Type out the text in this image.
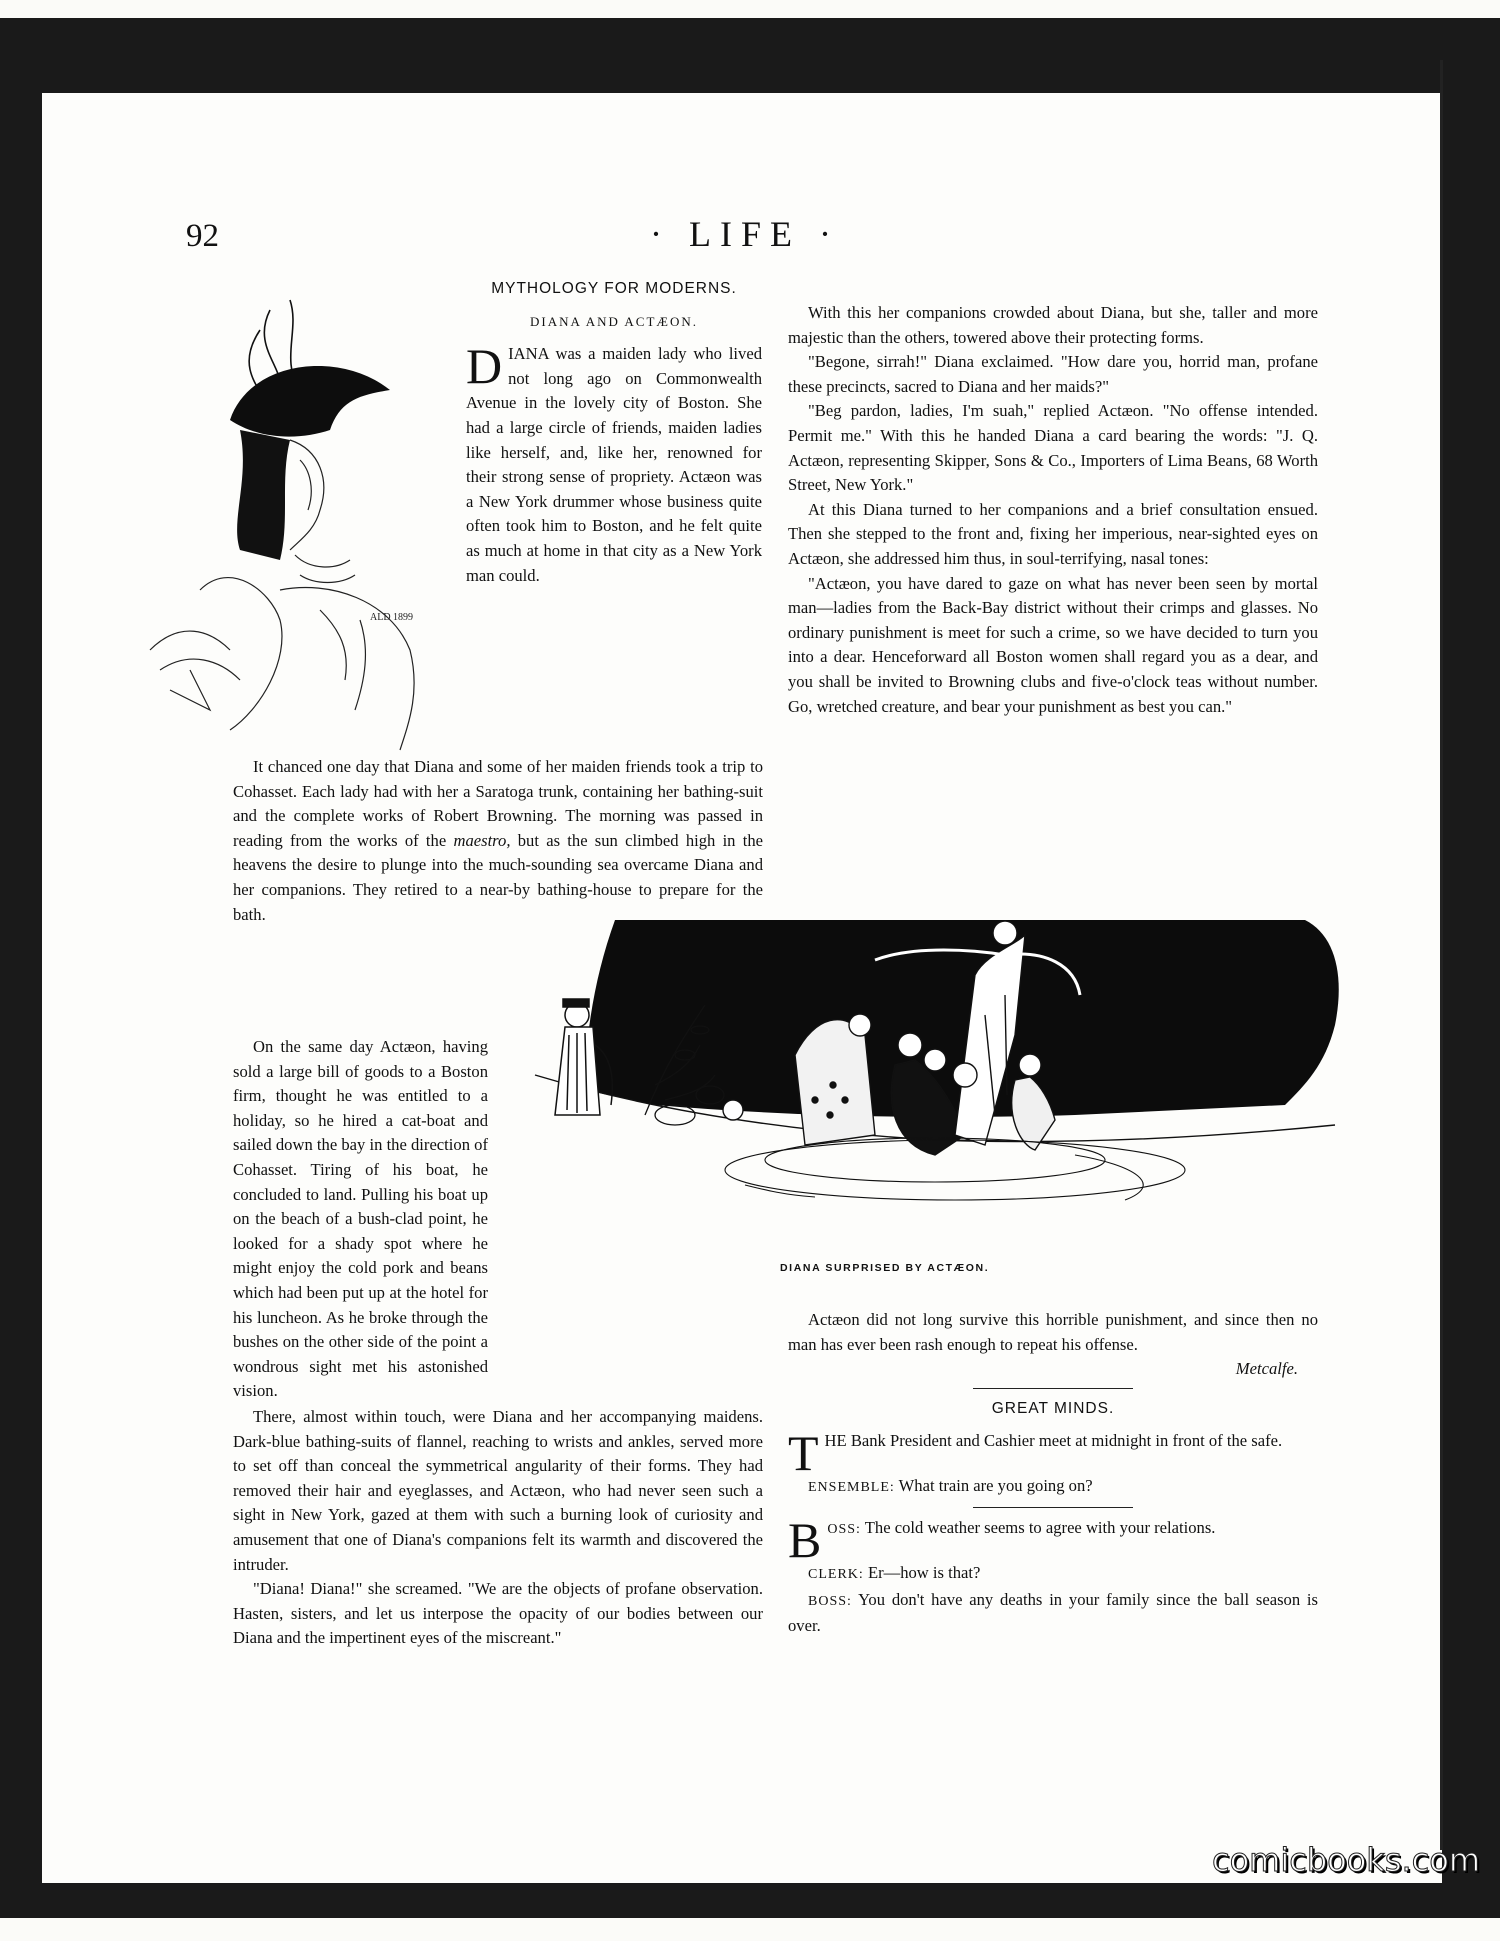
92	· LIFE ·
ALD 1899
DIANA SURPRISED BY ACTÆON.

MYTHOLOGY FOR MODERNS.

DIANA AND ACTÆON.

DIANA was a maiden lady who lived not long ago on Commonwealth Avenue in the lovely city of Boston. She had a large circle of friends, maiden ladies like herself, and, like her, renowned for their strong sense of propriety. Actæon was a New York drummer whose business quite often took him to Boston, and he felt quite as much at home in that city as a New York man could.

It chanced one day that Diana and some of her maiden friends took a trip to Cohasset. Each lady had with her a Saratoga trunk, containing her bathing-suit and the complete works of Robert Browning. The morning was passed in reading from the works of the maestro, but as the sun climbed high in the heavens the desire to plunge into the much-sounding sea overcame Diana and her companions. They retired to a near-by bathing-house to prepare for the bath.

On the same day Actæon, having sold a large bill of goods to a Boston firm, thought he was entitled to a holiday, so he hired a cat-boat and sailed down the bay in the direction of Cohasset. Tiring of his boat, he concluded to land. Pulling his boat up on the beach of a bush-clad point, he looked for a shady spot where he might enjoy the cold pork and beans which had been put up at the hotel for his luncheon. As he broke through the bushes on the other side of the point a wondrous sight met his astonished vision.

There, almost within touch, were Diana and her accompanying maidens. Dark-blue bathing-suits of flannel, reaching to wrists and ankles, served more to set off than conceal the symmetrical angularity of their forms. They had removed their hair and eyeglasses, and Actæon, who had never seen such a sight in New York, gazed at them with such a burning look of curiosity and amusement that one of Diana's companions felt its warmth and discovered the intruder.

"Diana! Diana!" she screamed. "We are the objects of profane observation. Hasten, sisters, and let us interpose the opacity of our bodies between our Diana and the impertinent eyes of the miscreant."

With this her companions crowded about Diana, but she, taller and more majestic than the others, towered above their protecting forms.

"Begone, sirrah!" Diana exclaimed. "How dare you, horrid man, profane these precincts, sacred to Diana and her maids?"

"Beg pardon, ladies, I'm suah," replied Actæon. "No offense intended. Permit me." With this he handed Diana a card bearing the words: "J. Q. Actæon, representing Skipper, Sons & Co., Importers of Lima Beans, 68 Worth Street, New York."

At this Diana turned to her companions and a brief consultation ensued. Then she stepped to the front and, fixing her imperious, near-sighted eyes on Actæon, she addressed him thus, in soul-terrifying, nasal tones:

"Actæon, you have dared to gaze on what has never been seen by mortal man—ladies from the Back-Bay district without their crimps and glasses. No ordinary punishment is meet for such a crime, so we have decided to turn you into a dear. Henceforward all Boston women shall regard you as a dear, and you shall be invited to Browning clubs and five-o'clock teas without number. Go, wretched creature, and bear your punishment as best you can."

Actæon did not long survive this horrible punishment, and since then no man has ever been rash enough to repeat his offense.

Metcalfe.

GREAT MINDS.

THE Bank President and Cashier meet at midnight in front of the safe.

ENSEMBLE: What train are you going on?

BOSS: The cold weather seems to agree with your relations.

CLERK: Er—how is that?

BOSS: You don't have any deaths in your family since the ball season is over.

comicbooks.com
